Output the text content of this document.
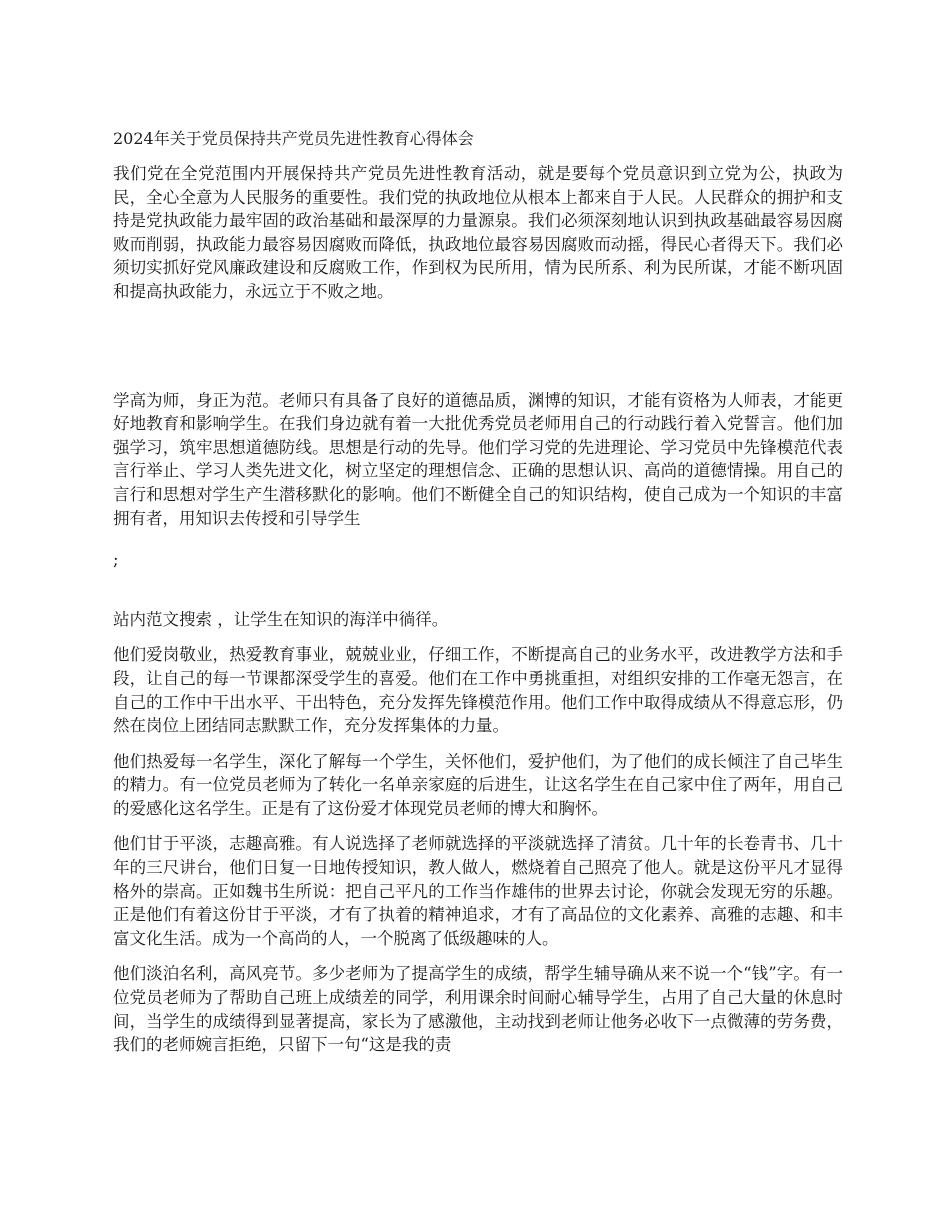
2024年关于党员保持共产党员先进性教育心得体会

我们党在全党范围内开展保持共产党员先进性教育活动，就是要每个党员意识到立党为公，执政为民，全心全意为人民服务的重要性。我们党的执政地位从根本上都来自于人民。人民群众的拥护和支持是党执政能力最牢固的政治基础和最深厚的力量源泉。我们必须深刻地认识到执政基础最容易因腐败而削弱，执政能力最容易因腐败而降低，执政地位最容易因腐败而动摇，得民心者得天下。我们必须切实抓好党风廉政建设和反腐败工作，作到权为民所用，情为民所系、利为民所谋，才能不断巩固和提高执政能力，永远立于不败之地。

学高为师，身正为范。老师只有具备了良好的道德品质，渊博的知识，才能有资格为人师表，才能更好地教育和影响学生。在我们身边就有着一大批优秀党员老师用自己的行动践行着入党誓言。他们加强学习，筑牢思想道德防线。思想是行动的先导。他们学习党的先进理论、学习党员中先锋模范代表言行举止、学习人类先进文化，树立坚定的理想信念、正确的思想认识、高尚的道德情操。用自己的言行和思想对学生产生潜移默化的影响。他们不断健全自己的知识结构，使自己成为一个知识的丰富拥有者，用知识去传授和引导学生

;

站内范文搜索 ，让学生在知识的海洋中徜徉。

他们爱岗敬业，热爱教育事业，兢兢业业，仔细工作，不断提高自己的业务水平，改进教学方法和手段，让自己的每一节课都深受学生的喜爱。他们在工作中勇挑重担，对组织安排的工作毫无怨言，在自己的工作中干出水平、干出特色，充分发挥先锋模范作用。他们工作中取得成绩从不得意忘形，仍然在岗位上团结同志默默工作，充分发挥集体的力量。

他们热爱每一名学生，深化了解每一个学生，关怀他们，爱护他们，为了他们的成长倾注了自己毕生的精力。有一位党员老师为了转化一名单亲家庭的后进生，让这名学生在自己家中住了两年，用自己的爱感化这名学生。正是有了这份爱才体现党员老师的博大和胸怀。

他们甘于平淡，志趣高雅。有人说选择了老师就选择的平淡就选择了清贫。几十年的长卷青书、几十年的三尺讲台，他们日复一日地传授知识，教人做人，燃烧着自己照亮了他人。就是这份平凡才显得格外的崇高。正如魏书生所说：把自己平凡的工作当作雄伟的世界去讨论，你就会发现无穷的乐趣。正是他们有着这份甘于平淡，才有了执着的精神追求，才有了高品位的文化素养、高雅的志趣、和丰富文化生活。成为一个高尚的人，一个脱离了低级趣味的人。

他们淡泊名利，高风亮节。多少老师为了提高学生的成绩，帮学生辅导确从来不说一个“钱”字。有一位党员老师为了帮助自己班上成绩差的同学，利用课余时间耐心辅导学生，占用了自己大量的休息时间，当学生的成绩得到显著提高，家长为了感激他，主动找到老师让他务必收下一点微薄的劳务费，我们的老师婉言拒绝，只留下一句“这是我的责
